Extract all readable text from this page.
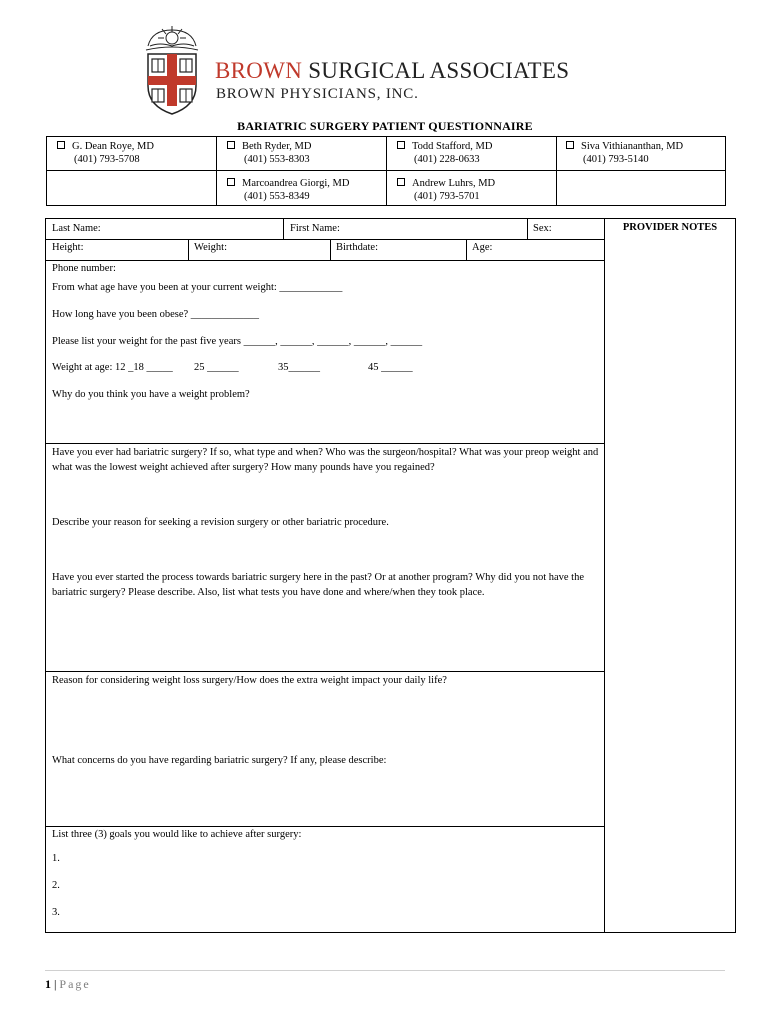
BROWN SURGICAL ASSOCIATES
BROWN PHYSICIANS, INC.
BARIATRIC SURGERY PATIENT QUESTIONNAIRE
G. Dean Roye, MD
(401) 793-5708
Beth Ryder, MD
(401) 553-8303
Todd Stafford, MD
(401) 228-0633
Siva Vithiananthan, MD
(401) 793-5140
Marcoandrea Giorgi, MD
(401) 553-8349
Andrew Luhrs, MD
(401) 793-5701
Last Name:	First Name:	Sex:
Height:	Weight:	Birthdate:	Age:
Phone number:
From what age have you been at your current weight: ____________
How long have you been obese? _____________
Please list your weight for the past five years ______, ______, ______, ______, ______
Weight at age: 12 _18 _____ 25 ______	35______	45 ______
Why do you think you have a weight problem?
Have you ever had bariatric surgery? If so, what type and when? Who was the surgeon/hospital? What was your preop weight and what was the lowest weight achieved after surgery? How many pounds have you regained?
Describe your reason for seeking a revision surgery or other bariatric procedure.
Have you ever started the process towards bariatric surgery here in the past? Or at another program? Why did you not have the bariatric surgery? Please describe. Also, list what tests you have done and where/when they took place.
Reason for considering weight loss surgery/How does the extra weight impact your daily life?
What concerns do you have regarding bariatric surgery? If any, please describe:
List three (3) goals you would like to achieve after surgery:
1.
2.
3.
PROVIDER NOTES
1 | Page
